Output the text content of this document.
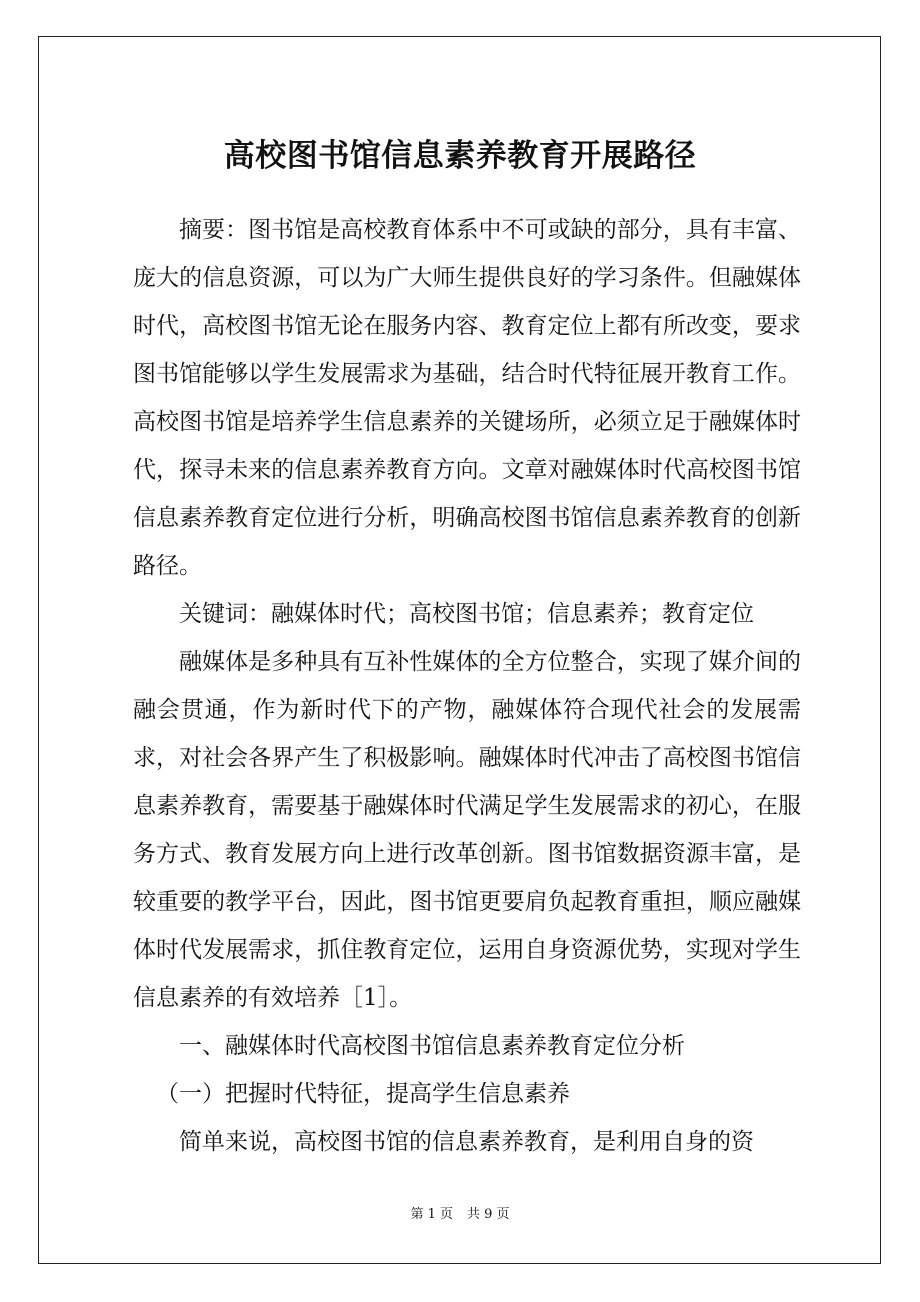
高校图书馆信息素养教育开展路径

摘要：图书馆是高校教育体系中不可或缺的部分，具有丰富、庞大的信息资源，可以为广大师生提供良好的学习条件。但融媒体时代，高校图书馆无论在服务内容、教育定位上都有所改变，要求图书馆能够以学生发展需求为基础，结合时代特征展开教育工作。高校图书馆是培养学生信息素养的关键场所，必须立足于融媒体时代，探寻未来的信息素养教育方向。文章对融媒体时代高校图书馆信息素养教育定位进行分析，明确高校图书馆信息素养教育的创新路径。

关键词：融媒体时代；高校图书馆；信息素养；教育定位

融媒体是多种具有互补性媒体的全方位整合，实现了媒介间的融会贯通，作为新时代下的产物，融媒体符合现代社会的发展需求，对社会各界产生了积极影响。融媒体时代冲击了高校图书馆信息素养教育，需要基于融媒体时代满足学生发展需求的初心，在服务方式、教育发展方向上进行改革创新。图书馆数据资源丰富，是较重要的教学平台，因此，图书馆更要肩负起教育重担，顺应融媒体时代发展需求，抓住教育定位，运用自身资源优势，实现对学生信息素养的有效培养［1］。

一、融媒体时代高校图书馆信息素养教育定位分析

（一）把握时代特征，提高学生信息素养

简单来说，高校图书馆的信息素养教育，是利用自身的资

第 1 页 共 9 页
